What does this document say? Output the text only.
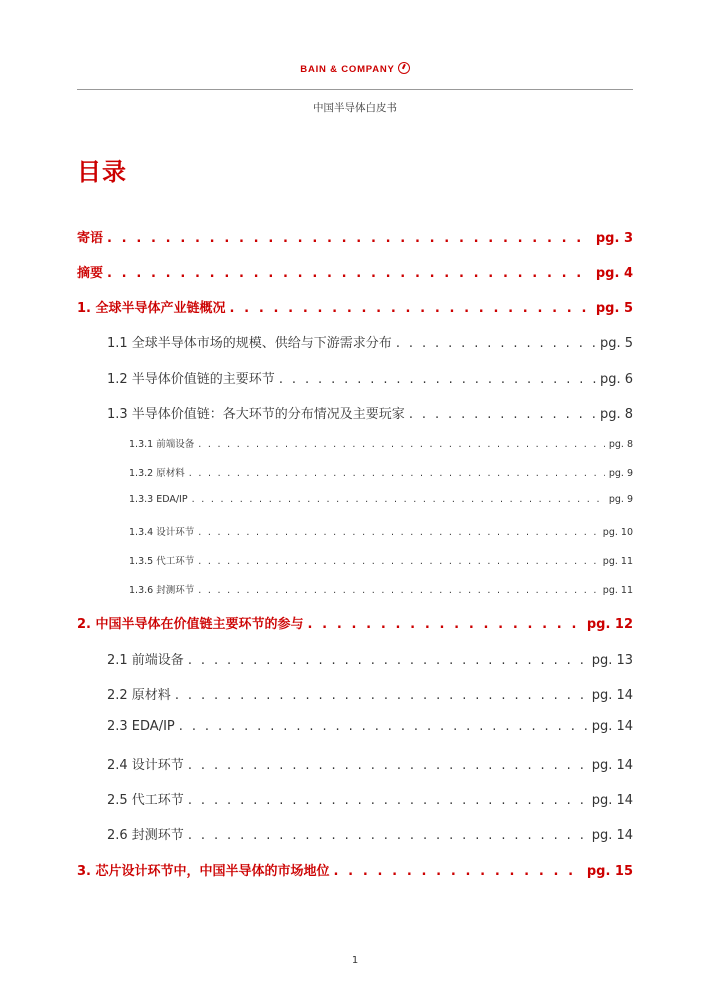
BAIN & COMPANY
中国半导体白皮书
目录
寄语 . . .	pg. 3
摘要 . . .	pg. 4
1. 全球半导体产业链概况 . . .	pg. 5
1.1 全球半导体市场的规模、供给与下游需求分布 . . .	pg. 5
1.2 半导体价值链的主要环节 . . .	pg. 6
1.3 半导体价值链：各大环节的分布情况及主要玩家 . . .	pg. 8
1.3.1 前端设备 . . .	pg. 8
1.3.2 原材料 . . .	pg. 9
1.3.3 EDA/IP . . .	pg. 9
1.3.4 设计环节 . . .	pg. 10
1.3.5 代工环节 . . .	pg. 11
1.3.6 封测环节 . . .	pg. 11
2. 中国半导体在价值链主要环节的参与 . . .	pg. 12
2.1 前端设备 . . .	pg. 13
2.2 原材料 . . .	pg. 14
2.3 EDA/IP . . .	pg. 14
2.4 设计环节 . . .	pg. 14
2.5 代工环节 . . .	pg. 14
2.6 封测环节 . . .	pg. 14
3. 芯片设计环节中，中国半导体的市场地位 . . .	pg. 15
1
